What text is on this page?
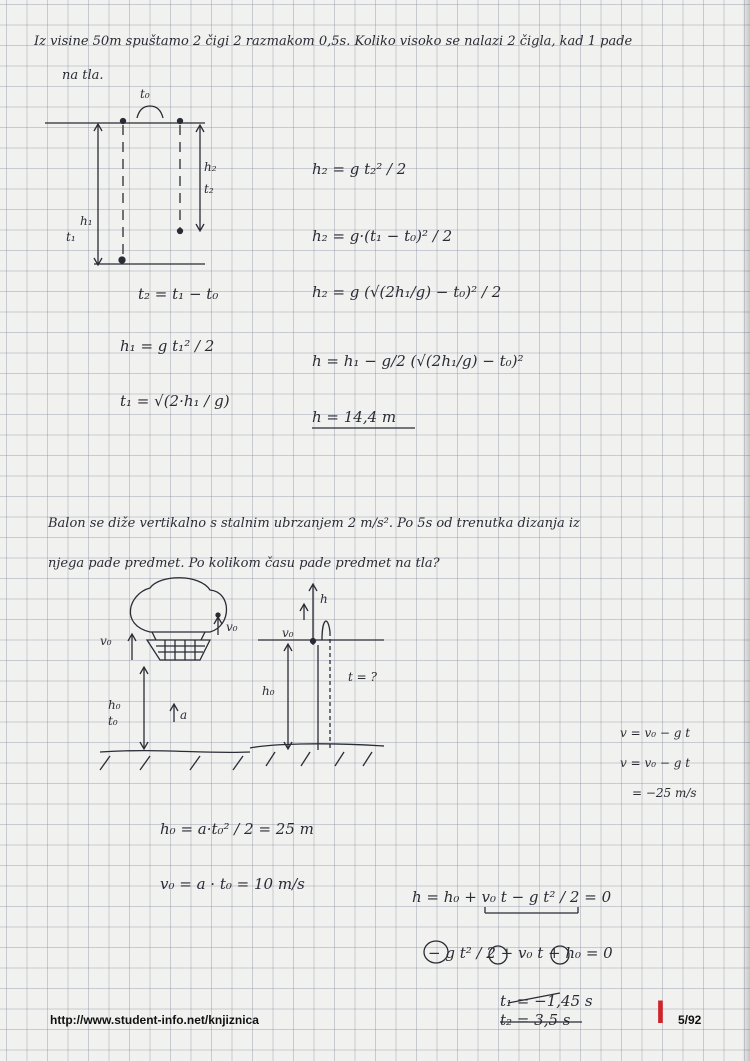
Iz visine 50m spuštamo 2 čigi 2 razmakom 0,5s. Koliko visoko se nalazi 2 čigla, kad 1 pade
na tla.
t₀
h₂
t₂
h₁
t₁
t₂ = t₁ − t₀
h₁ = g t₁² / 2
t₁ = √(2·h₁ / g)
h₂ = g t₂² / 2
h₂ = g·(t₁ − t₀)² / 2
h₂ = g (√(2h₁/g) − t₀)² / 2
h = h₁ − g/2 (√(2h₁/g) − t₀)²
h = 14,4 m
Balon se diže vertikalno s stalnim ubrzanjem 2 m/s². Po 5s od trenutka dizanja iz
njega pade predmet. Po kolikom času pade predmet na tla?
v₀
v₀
h₀
t₀	a
h
v₀
h₀
t = ?
v = v₀ − g t
v = v₀ − g t
= −25 m/s
h₀ = a·t₀² / 2 = 25 m
v₀ = a · t₀ = 10 m/s
h = h₀ + v₀ t − g t² / 2 = 0
− g t² / 2 + v₀ t + h₀ = 0
t₁ = −1,45 s
t₂ = 3,5 s
http://www.student-info.net/knjiznica	I 5/92
